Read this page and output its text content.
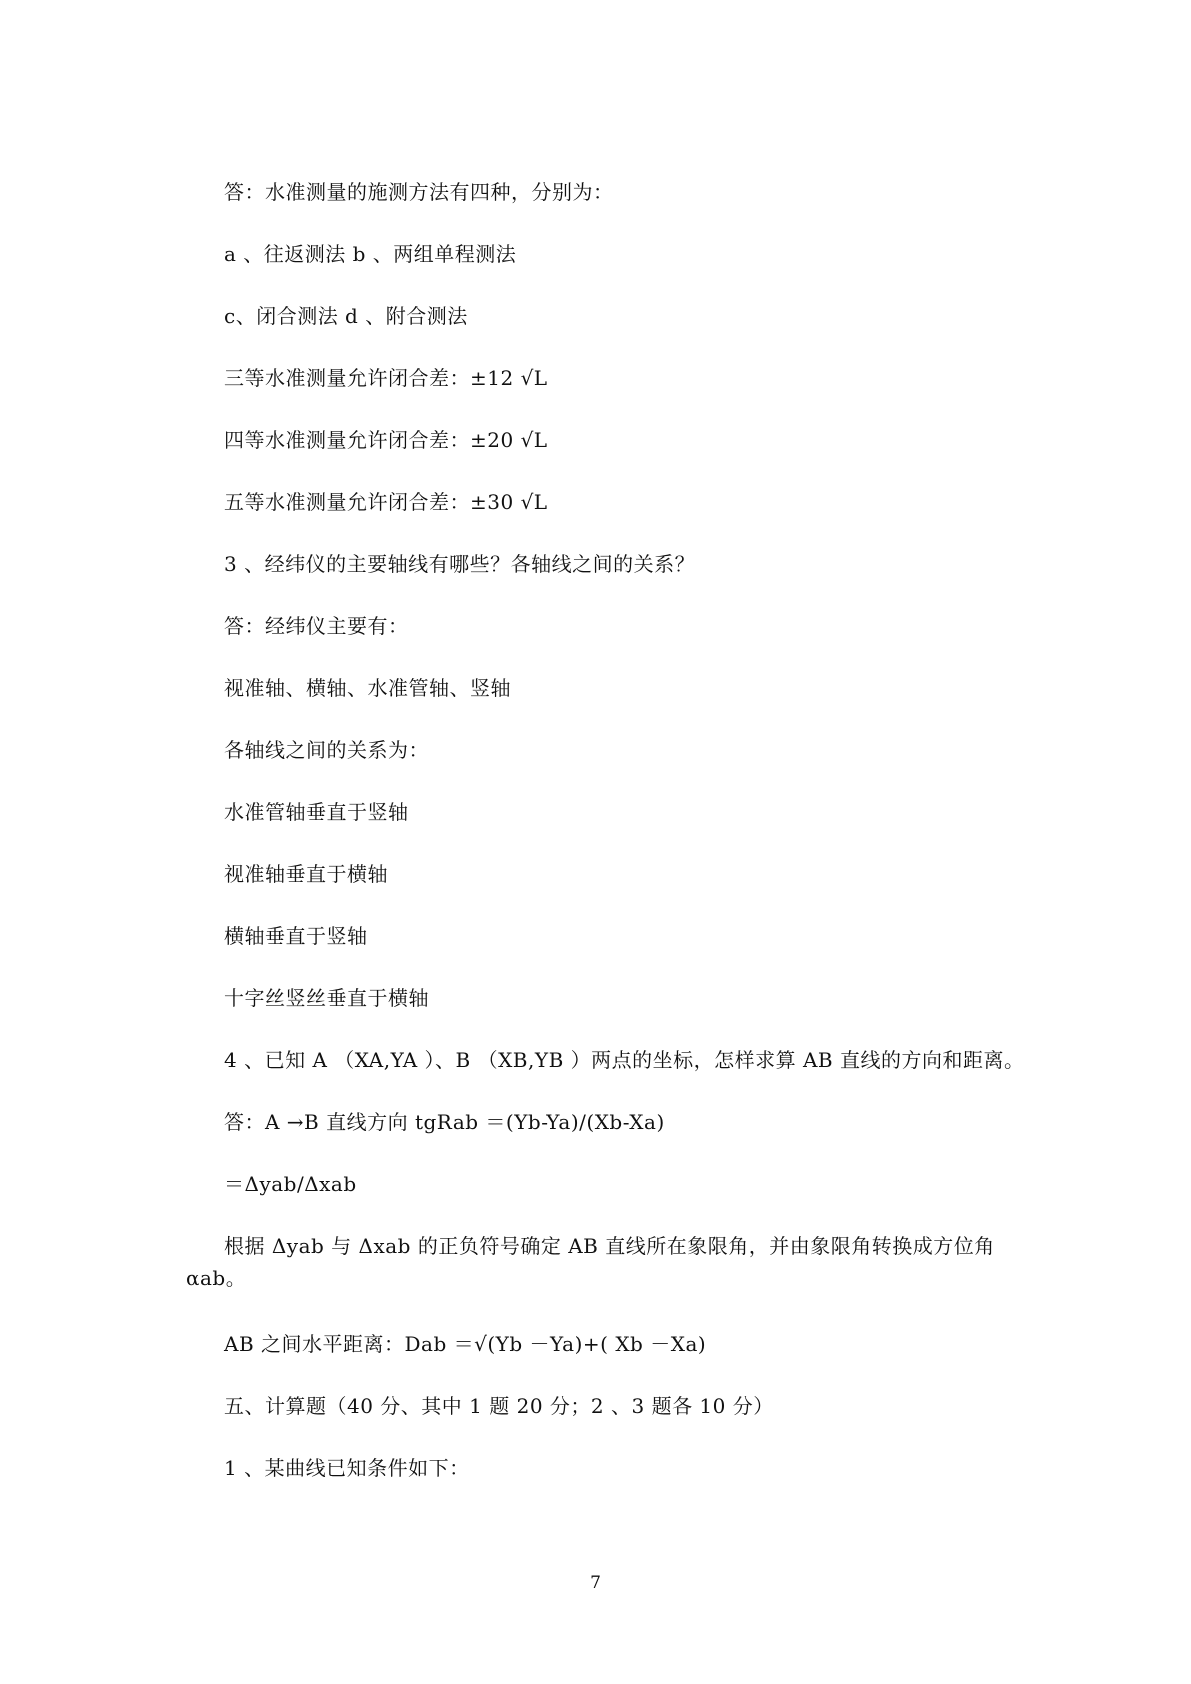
答：水准测量的施测方法有四种，分别为：
a 、往返测法 b 、两组单程测法
c、闭合测法 d 、附合测法
三等水准测量允许闭合差：±12 √L
四等水准测量允许闭合差：±20 √L
五等水准测量允许闭合差：±30 √L
3 、经纬仪的主要轴线有哪些？各轴线之间的关系？
答：经纬仪主要有：
视准轴、横轴、水准管轴、竖轴
各轴线之间的关系为：
水准管轴垂直于竖轴
视准轴垂直于横轴
横轴垂直于竖轴
十字丝竖丝垂直于横轴
4 、已知 A （XA,YA ）、B （XB,YB ）两点的坐标，怎样求算 AB 直线的方向和距离。
答：A →B 直线方向 tgRab ＝(Yb-Ya)/(Xb-Xa)
＝Δyab/Δxab
根据 Δyab 与 Δxab 的正负符号确定 AB 直线所在象限角，并由象限角转换成方位角 αab。
AB 之间水平距离：Dab ＝√(Yb －Ya)+( Xb －Xa)
五、计算题（40 分、其中 1 题 20 分；2 、3 题各 10 分）
1 、某曲线已知条件如下：
7
